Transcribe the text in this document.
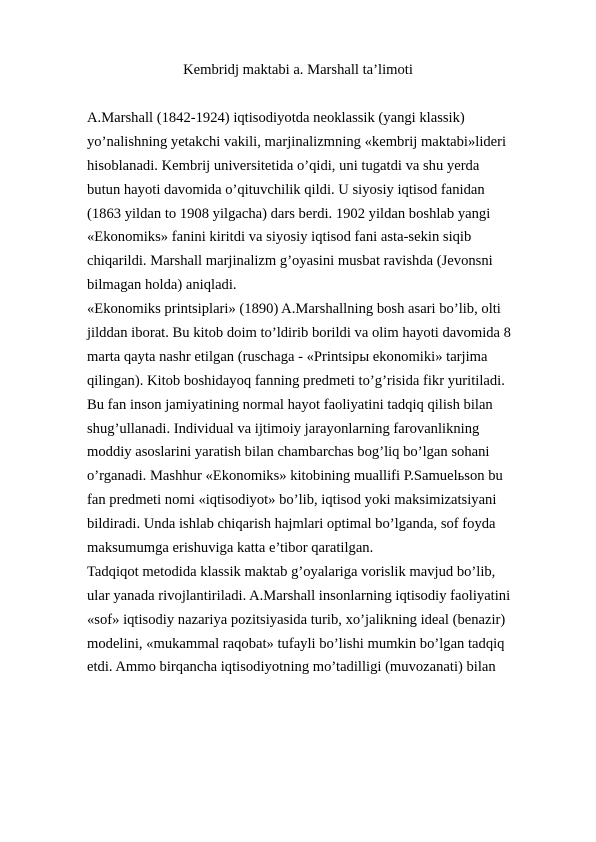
Kembridj maktabi a. Marshall ta’limoti

A.Marshall (1842-1924) iqtisodiyotda neoklassik (yangi klassik)
yo’nalishning yetakchi vakili, marjinalizmning «kembrij maktabi»lideri
hisoblanadi. Kembrij universitetida o’qidi, uni tugatdi va shu yerda
butun hayoti davomida o’qituvchilik qildi. U siyosiy iqtisod fanidan
(1863 yildan to 1908 yilgacha) dars berdi. 1902 yildan boshlab yangi
«Ekonomiks» fanini kiritdi va siyosiy iqtisod fani asta-sekin siqib
chiqarildi. Marshall marjinalizm g’oyasini musbat ravishda (Jevonsni
bilmagan holda) aniqladi.
«Ekonomiks printsiplari» (1890) A.Marshallning bosh asari bo’lib, olti
jilddan iborat. Bu kitob doim to’ldirib borildi va olim hayoti davomida 8
marta qayta nashr etilgan (ruschaga - «Printsipы ekonomiki» tarjima
qilingan). Kitob boshidayoq fanning predmeti to’g’risida fikr yuritiladi.
Bu fan inson jamiyatining normal hayot faoliyatini tadqiq qilish bilan
shug’ullanadi. Individual va ijtimoiy jarayonlarning farovanlikning
moddiy asoslarini yaratish bilan chambarchas bog’liq bo’lgan sohani
o’rganadi. Mashhur «Ekonomiks» kitobining muallifi P.Samuelьson bu
fan predmeti nomi «iqtisodiyot» bo’lib, iqtisod yoki maksimizatsiyani
bildiradi. Unda ishlab chiqarish hajmlari optimal bo’lganda, sof foyda
maksumumga erishuviga katta e’tibor qaratilgan.
Tadqiqot metodida klassik maktab g’oyalariga vorislik mavjud bo’lib,
ular yanada rivojlantiriladi. A.Marshall insonlarning iqtisodiy faoliyatini
«sof» iqtisodiy nazariya pozitsiyasida turib, xo’jalikning ideal (benazir)
modelini, «mukammal raqobat» tufayli bo’lishi mumkin bo’lgan tadqiq
etdi. Ammo birqancha iqtisodiyotning mo’tadilligi (muvozanati) bilan
